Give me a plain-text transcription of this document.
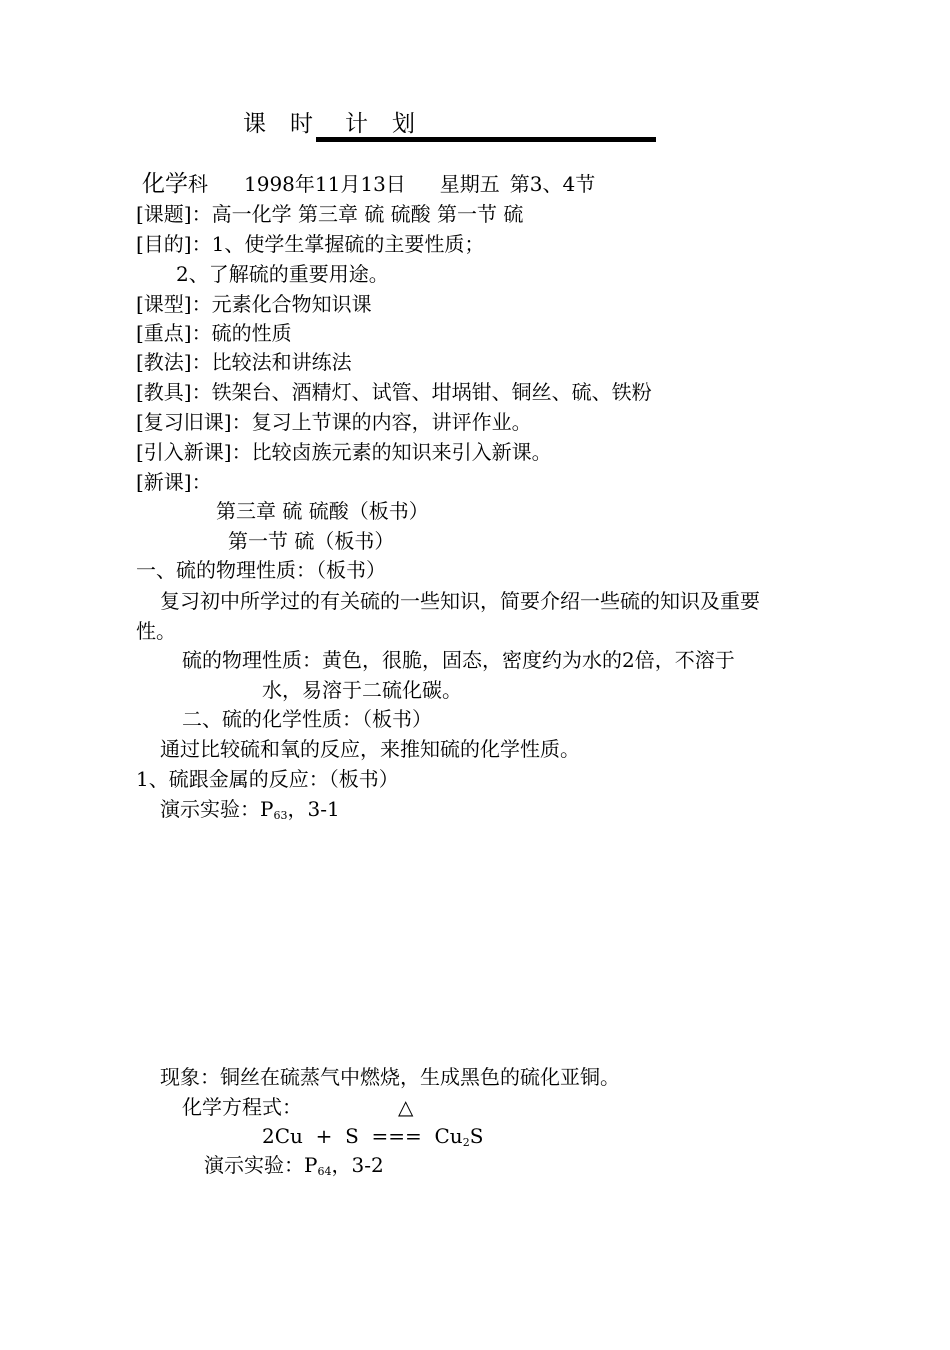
课 时 计 划
化学科 1998年11月13日 星期五 第3、4节
[课题]：高一化学 第三章 硫 硫酸 第一节 硫
[目的]：1、使学生掌握硫的主要性质；
2、了解硫的重要用途。
[课型]：元素化合物知识课
[重点]：硫的性质
[教法]：比较法和讲练法
[教具]：铁架台、酒精灯、试管、坩埚钳、铜丝、硫、铁粉
[复习旧课]：复习上节课的内容，讲评作业。
[引入新课]：比较卤族元素的知识来引入新课。
[新课]：
第三章 硫 硫酸（板书）
第一节 硫（板书）
一、硫的物理性质：（板书）
复习初中所学过的有关硫的一些知识，简要介绍一些硫的知识及重要
性。
硫的物理性质：黄色，很脆，固态，密度约为水的2倍，不溶于
水，易溶于二硫化碳。
二、硫的化学性质：（板书）
通过比较硫和氧的反应，来推知硫的化学性质。
1、硫跟金属的反应：（板书）
演示实验：$P_{63}$，3-1
现象：铜丝在硫蒸气中燃烧，生成黑色的硫化亚铜。
化学方程式：	△
2Cu  +  S  ===  $Cu_2S$
演示实验：$P_{64}$，3-2
